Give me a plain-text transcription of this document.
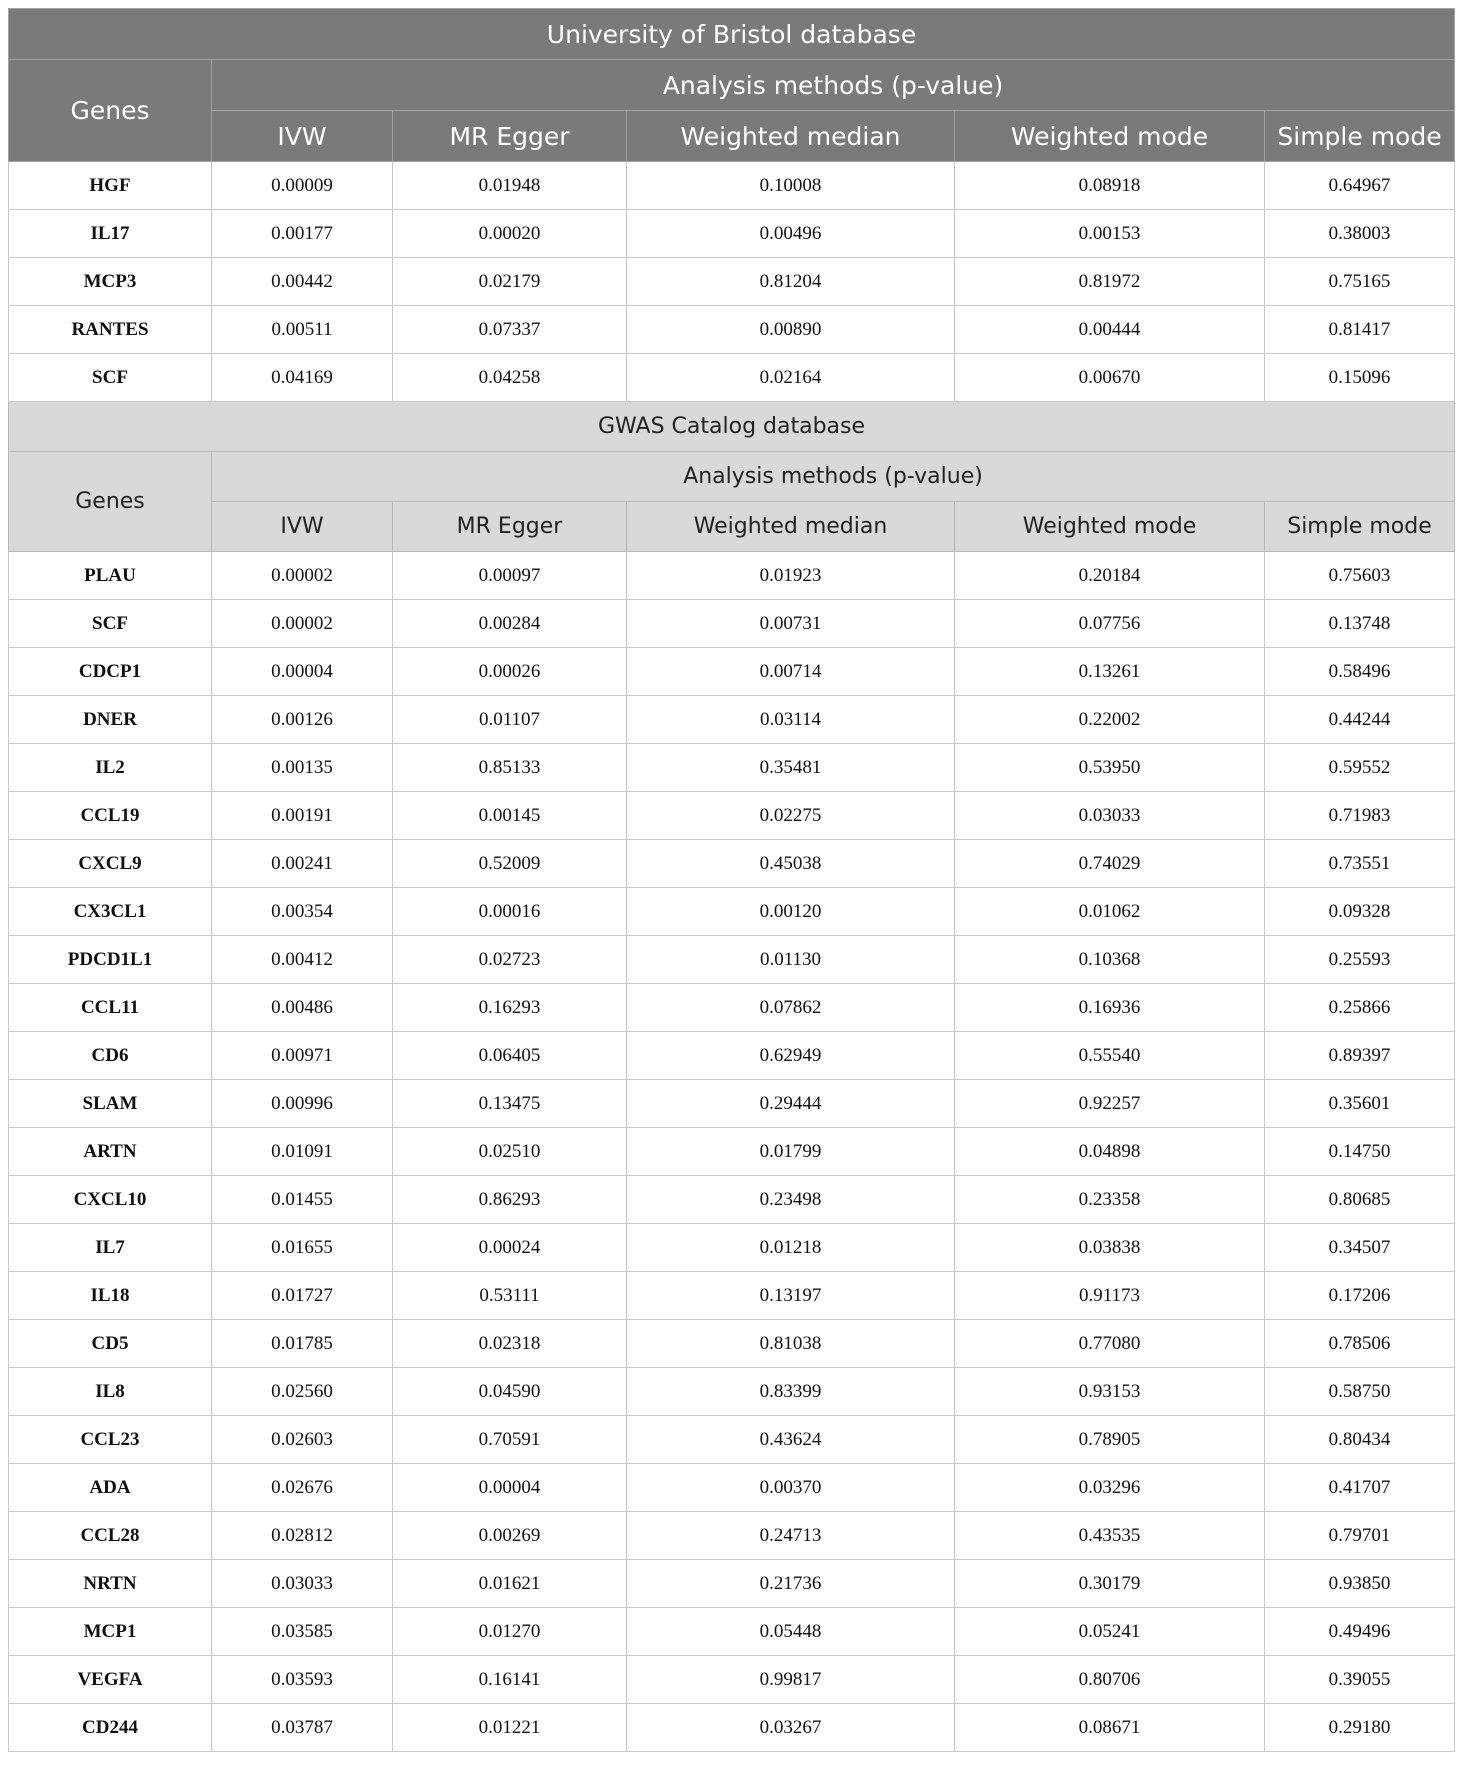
University of Bristol database					
Genes	Analysis methods (p-value)				
	IVW	MR Egger	Weighted median	Weighted mode	Simple mode
HGF	0.00009	0.01948	0.10008	0.08918	0.64967
IL17	0.00177	0.00020	0.00496	0.00153	0.38003
MCP3	0.00442	0.02179	0.81204	0.81972	0.75165
RANTES	0.00511	0.07337	0.00890	0.00444	0.81417
SCF	0.04169	0.04258	0.02164	0.00670	0.15096
GWAS Catalog database					
Genes	Analysis methods (p-value)				
	IVW	MR Egger	Weighted median	Weighted mode	Simple mode
PLAU	0.00002	0.00097	0.01923	0.20184	0.75603
SCF	0.00002	0.00284	0.00731	0.07756	0.13748
CDCP1	0.00004	0.00026	0.00714	0.13261	0.58496
DNER	0.00126	0.01107	0.03114	0.22002	0.44244
IL2	0.00135	0.85133	0.35481	0.53950	0.59552
CCL19	0.00191	0.00145	0.02275	0.03033	0.71983
CXCL9	0.00241	0.52009	0.45038	0.74029	0.73551
CX3CL1	0.00354	0.00016	0.00120	0.01062	0.09328
PDCD1L1	0.00412	0.02723	0.01130	0.10368	0.25593
CCL11	0.00486	0.16293	0.07862	0.16936	0.25866
CD6	0.00971	0.06405	0.62949	0.55540	0.89397
SLAM	0.00996	0.13475	0.29444	0.92257	0.35601
ARTN	0.01091	0.02510	0.01799	0.04898	0.14750
CXCL10	0.01455	0.86293	0.23498	0.23358	0.80685
IL7	0.01655	0.00024	0.01218	0.03838	0.34507
IL18	0.01727	0.53111	0.13197	0.91173	0.17206
CD5	0.01785	0.02318	0.81038	0.77080	0.78506
IL8	0.02560	0.04590	0.83399	0.93153	0.58750
CCL23	0.02603	0.70591	0.43624	0.78905	0.80434
ADA	0.02676	0.00004	0.00370	0.03296	0.41707
CCL28	0.02812	0.00269	0.24713	0.43535	0.79701
NRTN	0.03033	0.01621	0.21736	0.30179	0.93850
MCP1	0.03585	0.01270	0.05448	0.05241	0.49496
VEGFA	0.03593	0.16141	0.99817	0.80706	0.39055
CD244	0.03787	0.01221	0.03267	0.08671	0.29180
